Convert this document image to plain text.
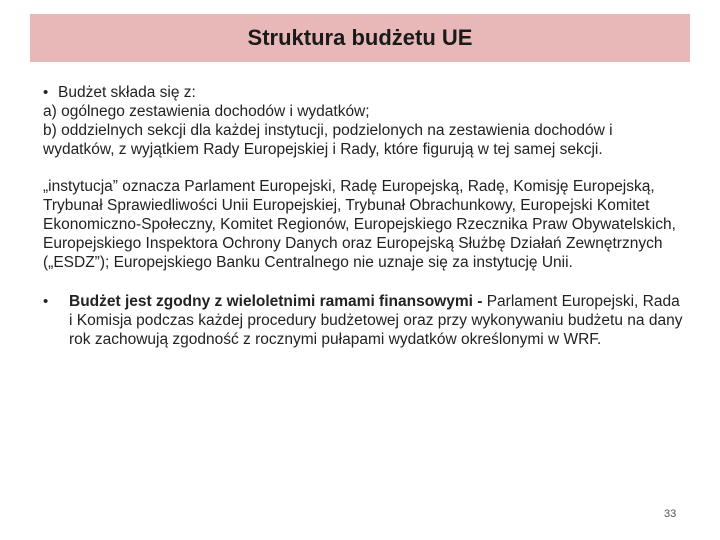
Struktura budżetu UE
• Budżet składa się z:
a) ogólnego zestawienia dochodów i wydatków;
b) oddzielnych sekcji dla każdej instytucji, podzielonych na zestawienia dochodów i wydatków, z wyjątkiem Rady Europejskiej i Rady, które figurują w tej samej sekcji.
„instytucja” oznacza Parlament Europejski, Radę Europejską, Radę, Komisję Europejską, Trybunał Sprawiedliwości Unii Europejskiej, Trybunał Obrachunkowy, Europejski Komitet Ekonomiczno-Społeczny, Komitet Regionów, Europejskiego Rzecznika Praw Obywatelskich, Europejskiego Inspektora Ochrony Danych oraz Europejską Służbę Działań Zewnętrznych („ESDZ”); Europejskiego Banku Centralnego nie uznaje się za instytucję Unii.
•	Budżet jest zgodny z wieloletnimi ramami finansowymi - Parlament Europejski, Rada i Komisja podczas każdej procedury budżetowej oraz przy wykonywaniu budżetu na dany rok zachowują zgodność z rocznymi pułapami wydatków określonymi w WRF.
33
